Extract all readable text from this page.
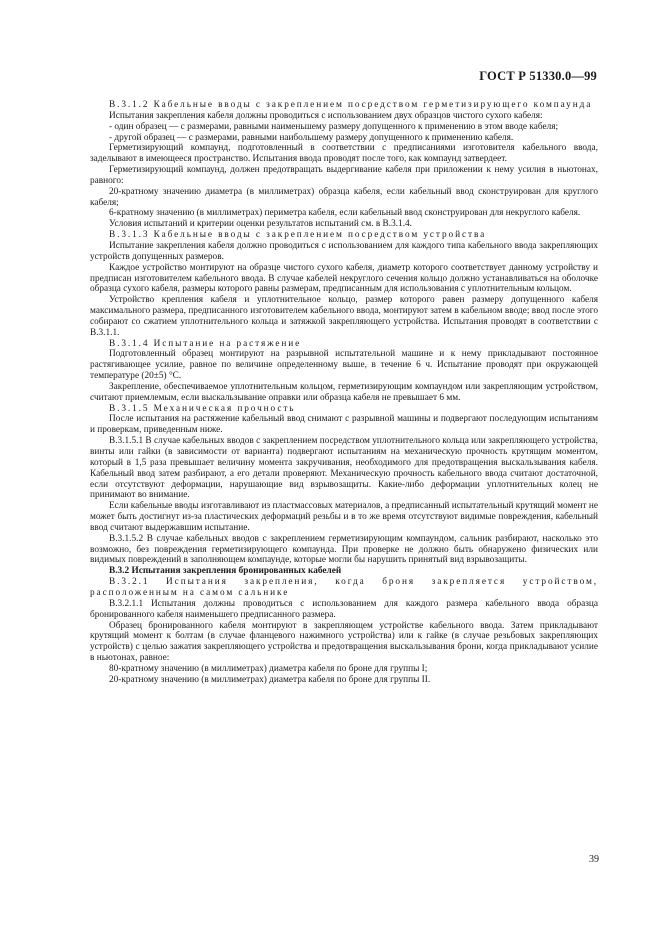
ГОСТ Р 51330.0—99

В.3.1.2 Кабельные вводы с закреплением посредством герметизирующего компаунда

Испытания закрепления кабеля должны проводиться с использованием двух образцов чистого сухого кабеля:

- один образец — с размерами, равными наименьшему размеру допущенного к применению в этом вводе кабеля;

- другой образец — с размерами, равными наибольшему размеру допущенного к применению кабеля.

Герметизирующий компаунд, подготовленный в соответствии с предписаниями изготовителя кабельного ввода, заделывают в имеющееся пространство. Испытания ввода проводят после того, как компаунд затвердеет.

Герметизирующий компаунд, должен предотвращать выдергивание кабеля при приложении к нему усилия в ньютонах, равного:

20-кратному значению диаметра (в миллиметрах) образца кабеля, если кабельный ввод сконструирован для круглого кабеля;

6-кратному значению (в миллиметрах) периметра кабеля, если кабельный ввод сконструирован для некруглого кабеля.

Условия испытаний и критерии оценки результатов испытаний см. в В.3.1.4.

В.3.1.3 Кабельные вводы с закреплением посредством устройства

Испытание закрепления кабеля должно проводиться с использованием для каждого типа кабельного ввода закрепляющих устройств допущенных размеров.

Каждое устройство монтируют на образце чистого сухого кабеля, диаметр которого соответствует данному устройству и предписан изготовителем кабельного ввода. В случае кабелей некруглого сечения кольцо должно устанавливаться на оболочке образца сухого кабеля, размеры которого равны размерам, предписанным для использования с уплотнительным кольцом.

Устройство крепления кабеля и уплотнительное кольцо, размер которого равен размеру допущенного кабеля максимального размера, предписанного изготовителем кабельного ввода, монтируют затем в кабельном вводе; ввод после этого собирают со сжатием уплотнительного кольца и затяжкой закрепляющего устройства. Испытания проводят в соответствии с В.3.1.1.

В.3.1.4 Испытание на растяжение

Подготовленный образец монтируют на разрывной испытательной машине и к нему прикладывают постоянное растягивающее усилие, равное по величине определенному выше, в течение 6 ч. Испытание проводят при окружающей температуре (20±5) °С.

Закрепление, обеспечиваемое уплотнительным кольцом, герметизирующим компаундом или закрепляющим устройством, считают приемлемым, если выскальзывание оправки или образца кабеля не превышает 6 мм.

В.3.1.5 Механическая прочность

После испытания на растяжение кабельный ввод снимают с разрывной машины и подвергают последующим испытаниям и проверкам, приведенным ниже.

В.3.1.5.1 В случае кабельных вводов с закреплением посредством уплотнительного кольца или закрепляющего устройства, винты или гайки (в зависимости от варианта) подвергают испытаниям на механическую прочность крутящим моментом, который в 1,5 раза превышает величину момента закручивания, необходимого для предотвращения выскальзывания кабеля. Кабельный ввод затем разбирают, а его детали проверяют. Механическую прочность кабельного ввода считают достаточной, если отсутствуют деформации, нарушающие вид взрывозащиты. Какие-либо деформации уплотнительных колец не принимают во внимание.

Если кабельные вводы изготавливают из пластмассовых материалов, а предписанный испытательный крутящий момент не может быть достигнут из-за пластических деформаций резьбы и в то же время отсутствуют видимые повреждения, кабельный ввод считают выдержавшим испытание.

В.3.1.5.2 В случае кабельных вводов с закреплением герметизирующим компаундом, сальник разбирают, насколько это возможно, без повреждения герметизирующего компаунда. При проверке не должно быть обнаружено физических или видимых повреждений в заполняющем компаунде, которые могли бы нарушить принятый вид взрывозащиты.

В.3.2 Испытания закрепления бронированных кабелей

В.3.2.1 Испытания закрепления, когда броня закрепляется устройством, расположенным на самом сальнике

В.3.2.1.1 Испытания должны проводиться с использованием для каждого размера кабельного ввода образца бронированного кабеля наименьшего предписанного размера.

Образец бронированного кабеля монтируют в закрепляющем устройстве кабельного ввода. Затем прикладывают крутящий момент к болтам (в случае фланцевого нажимного устройства) или к гайке (в случае резьбовых закрепляющих устройств) с целью зажатия закрепляющего устройства и предотвращения выскальзывания брони, когда прикладывают усилие в ньютонах, равное:

80-кратному значению (в миллиметрах) диаметра кабеля по броне для группы I;

20-кратному значению (в миллиметрах) диаметра кабеля по броне для группы II.

39
